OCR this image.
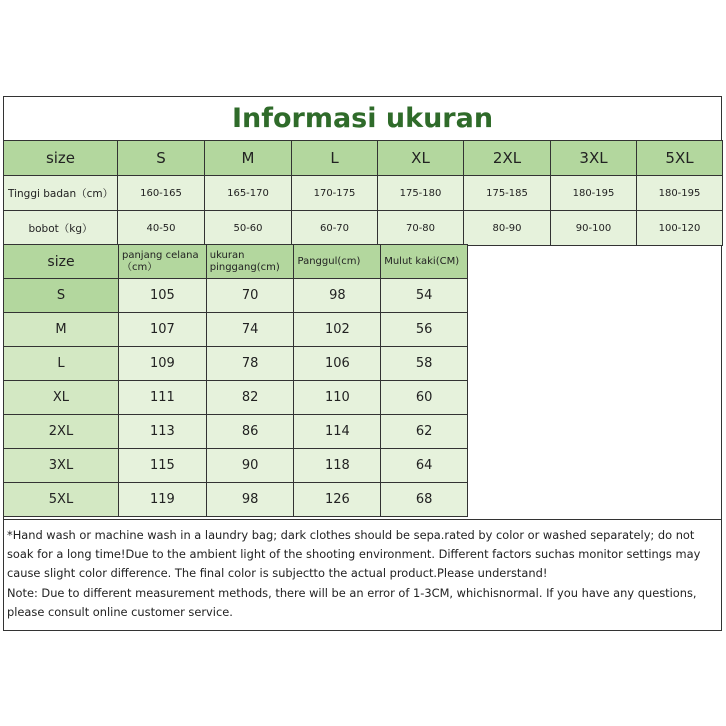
Informasi ukuran
size	S	M	L	XL	2XL	3XL	5XL
Tinggi badan（cm）	160-165	165-170	170-175	175-180	175-185	180-195	180-195
bobot（kg）	40-50	50-60	60-70	70-80	80-90	90-100	100-120
size	panjang celana（cm）	ukuran pinggang(cm)	Panggul(cm)	Mulut kaki(CM)
S	105	70	98	54
M	107	74	102	56
L	109	78	106	58
XL	111	82	110	60
2XL	113	86	114	62
3XL	115	90	118	64
5XL	119	98	126	68

*Hand wash or machine wash in a laundry bag; dark clothes should be sepa.rated by color or washed separately; do not soak for a long time!Due to the ambient light of the shooting environment. Different factors suchas monitor settings may cause slight color difference. The final color is subjectto the actual product.Please understand!

Note: Due to different measurement methods, there will be an error of 1-3CM, whichisnormal. If you have any questions, please consult online customer service.
